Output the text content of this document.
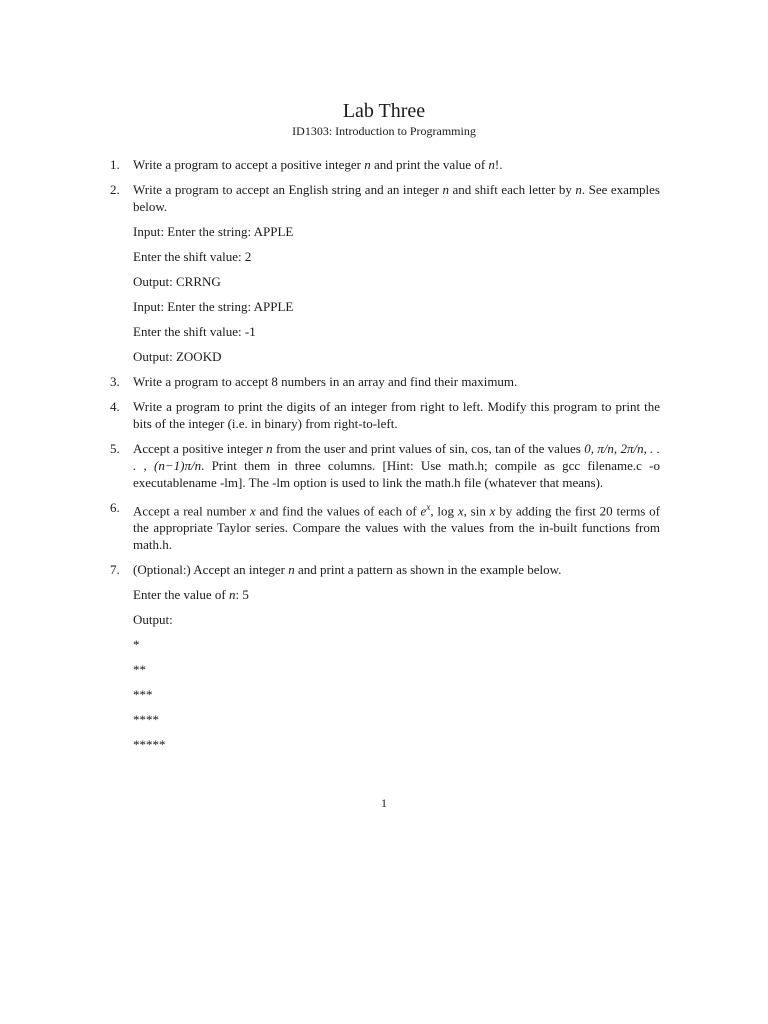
Lab Three
ID1303: Introduction to Programming
1. Write a program to accept a positive integer n and print the value of n!.
2. Write a program to accept an English string and an integer n and shift each letter by n. See examples below.
Input: Enter the string: APPLE
Enter the shift value: 2
Output: CRRNG
Input: Enter the string: APPLE
Enter the shift value: -1
Output: ZOOKD
3. Write a program to accept 8 numbers in an array and find their maximum.
4. Write a program to print the digits of an integer from right to left. Modify this program to print the bits of the integer (i.e. in binary) from right-to-left.
5. Accept a positive integer n from the user and print values of sin, cos, tan of the values 0, π/n, 2π/n, . . . , (n−1)π/n. Print them in three columns. [Hint: Use math.h; compile as gcc filename.c -o executablename -lm]. The -lm option is used to link the math.h file (whatever that means).
6. Accept a real number x and find the values of each of $e^x$, log x, sin x by adding the first 20 terms of the appropriate Taylor series. Compare the values with the values from the in-built functions from math.h.
7. (Optional:) Accept an integer n and print a pattern as shown in the example below.
Enter the value of n: 5
Output:
*
**
***
****
*****
1
